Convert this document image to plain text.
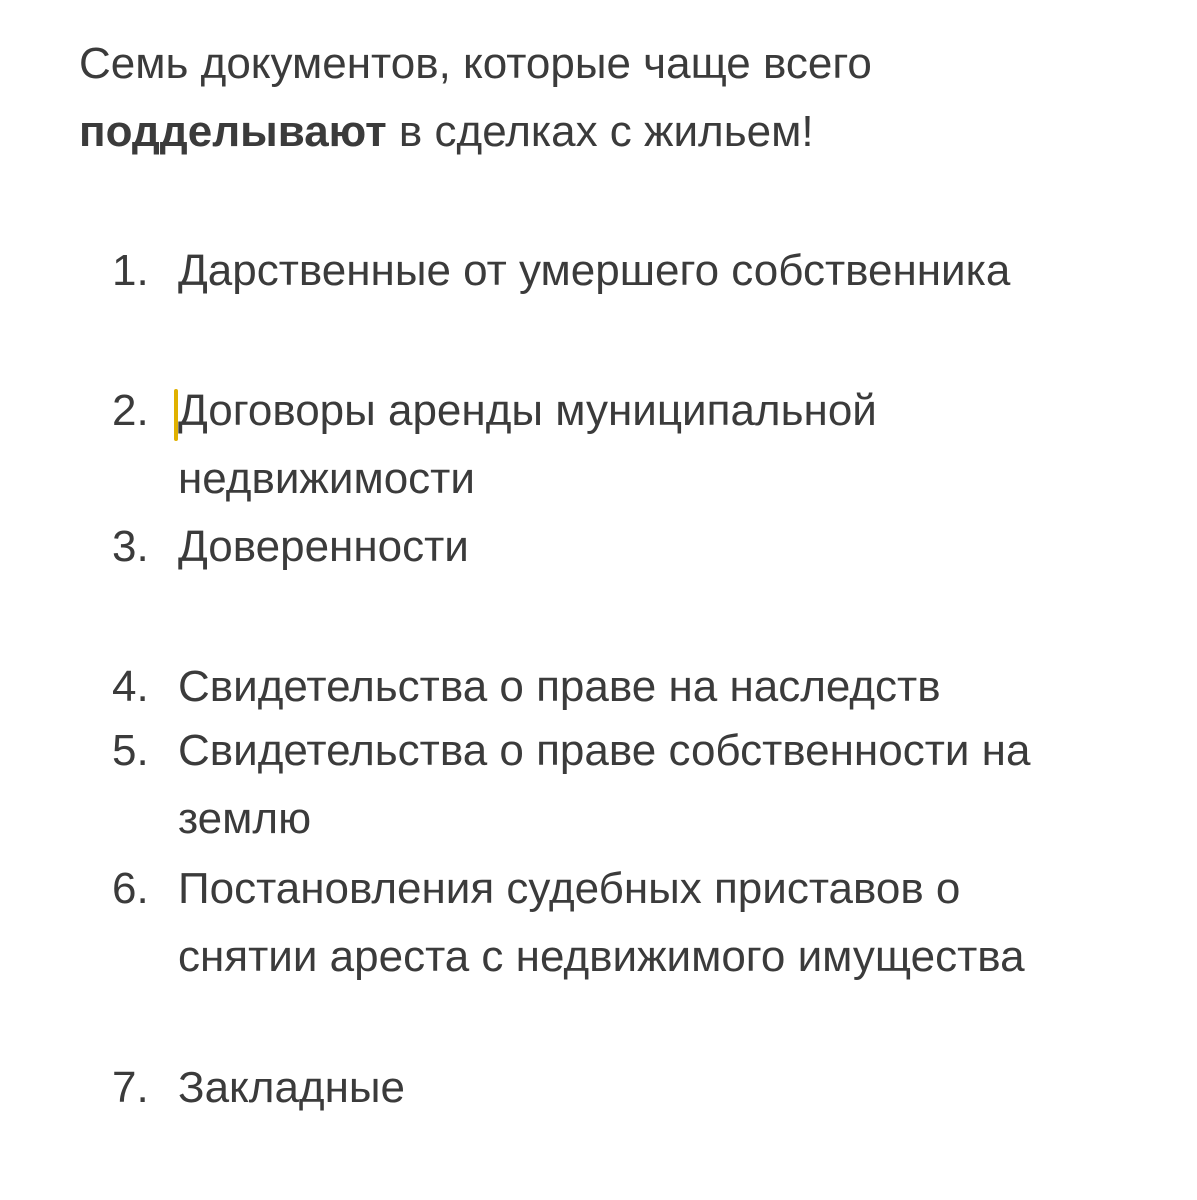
Семь документов, которые чаще всего
подделывают в сделках с жильем!

1. Дарственные от умершего собственника
2. Договоры аренды муниципальной недвижимости
3. Доверенности
4. Свидетельства о праве на наследств
5. Свидетельства о праве собственности на землю
6. Постановления судебных приставов о снятии ареста с недвижимого имущества
7. Закладные
